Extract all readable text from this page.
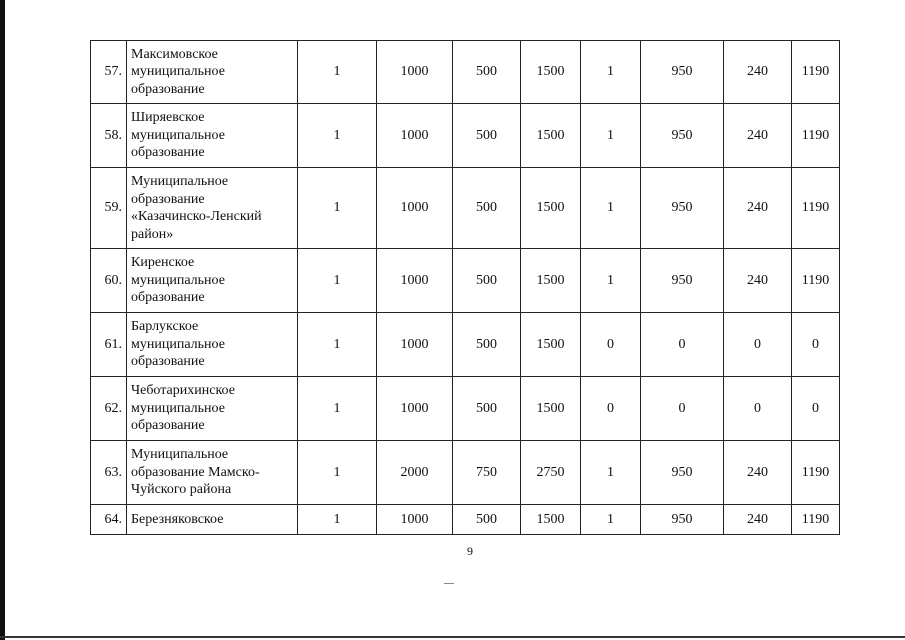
57.	Максимовское
муниципальное
образование	1	1000	500	1500	1	950	240	1190
58.	Ширяевское
муниципальное
образование	1	1000	500	1500	1	950	240	1190
59.	Муниципальное
образование
«Казачинско-Ленский
район»	1	1000	500	1500	1	950	240	1190
60.	Киренское
муниципальное
образование	1	1000	500	1500	1	950	240	1190
61.	Барлукское
муниципальное
образование	1	1000	500	1500	0	0	0	0
62.	Чеботарихинское
муниципальное
образование	1	1000	500	1500	0	0	0	0
63.	Муниципальное
образование Мамско-
Чуйского района	1	2000	750	2750	1	950	240	1190
64.	Березняковское	1	1000	500	1500	1	950	240	1190
9
